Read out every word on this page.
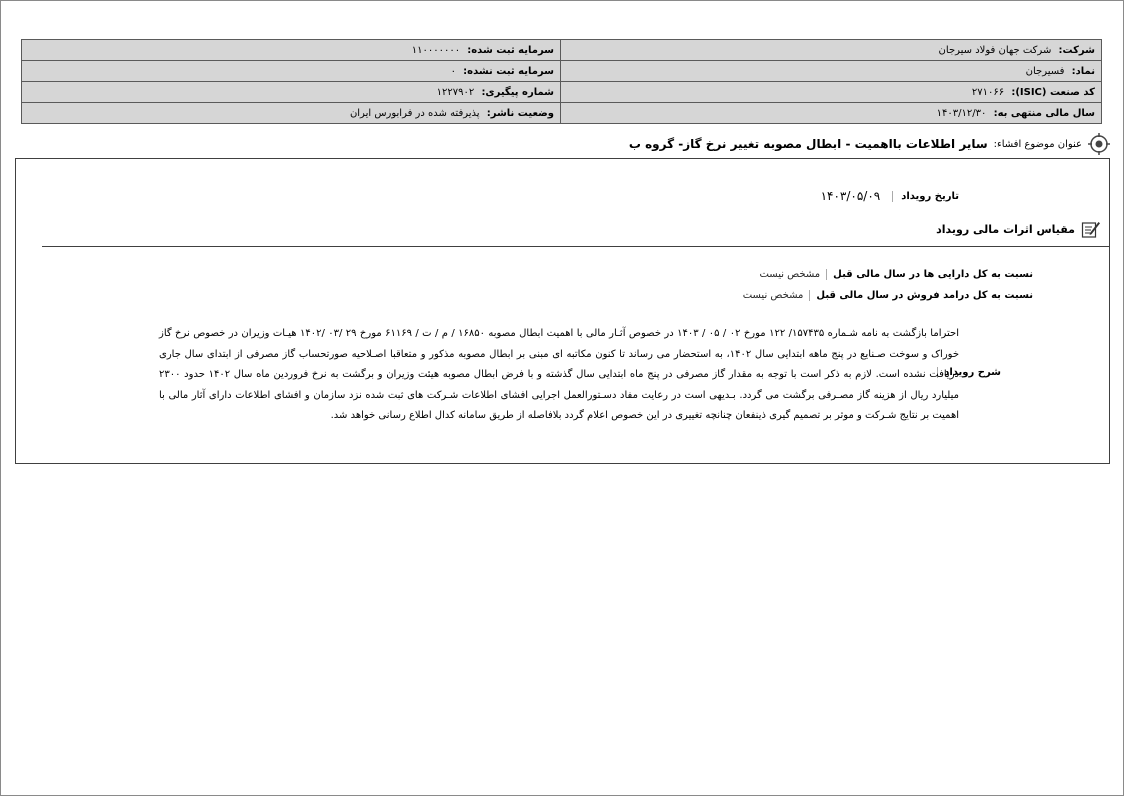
شرکت: شرکت جهان فولاد سیرجان	سرمایه ثبت شده: ۱۱۰۰۰۰۰۰۰
نماد: فسیرجان	سرمایه ثبت نشده: ۰
کد صنعت (ISIC): ۲۷۱۰۶۶	شماره پیگیری: ۱۲۲۷۹۰۲
سال مالی منتهی به: ۱۴۰۳/۱۲/۳۰	وضعیت ناشر: پذیرفته شده در فرابورس ایران
عنوان موضوع افشاء:
سایر اطلاعات بااهمیت - ابطال مصوبه تغییر نرخ گاز- گروه ب
تاریخ رویداد
۱۴۰۳/۰۵/۰۹
مقیاس اثرات مالی رویداد
نسبت به کل دارایی ها در سال مالی قبل
مشخص نیست
نسبت به کل درامد فروش در سال مالی قبل
مشخص نیست
شرح رویداد
احتراما بازگشت به نامه شـماره ۱۵۷۴۳۵/ ۱۲۲ مورخ ۰۲ / ۰۵ / ۱۴۰۳ در خصوص آثـار مالی با اهمیت ابطال مصوبه ۱۶۸۵۰ / م / ت / ۶۱۱۶۹ مورخ ۲۹ /۰۳ /۱۴۰۲ هیـات وزیران در خصوص نرخ گاز خوراک و سوخت صـنایع در پنج ماهه ابتدایی سال ۱۴۰۲، به استحضار می رساند تا کنون مکاتبه ای مبنی بر ابطال مصوبه مذکور و متعاقبا اصـلاحیه صورتحساب گاز مصرفی از ابتدای سال جاری دریافت نشده است. لازم به ذکر است با توجه به مقدار گاز مصرفی در پنج ماه ابتدایی سال گذشته و با فرض ابطال مصوبه هیئت وزیران و برگشت به نرخ فروردین ماه سال ۱۴۰۲ حدود ۲۳۰۰ میلیارد ریال از هزینه گاز مصـرفی برگشت می گردد. بـدیهی است در رعایت مفاد دسـتورالعمل اجرایی افشای اطلاعات شـرکت های ثبت شده نزد سازمان و افشای اطلاعات دارای آثار مالی با اهمیت بر نتایج شـرکت و موثر بر تصمیم گیری ذینفعان چنانچه تغییری در این خصوص اعلام گردد بلافاصله از طریق سامانه کدال اطلاع رسانی خواهد شد.
